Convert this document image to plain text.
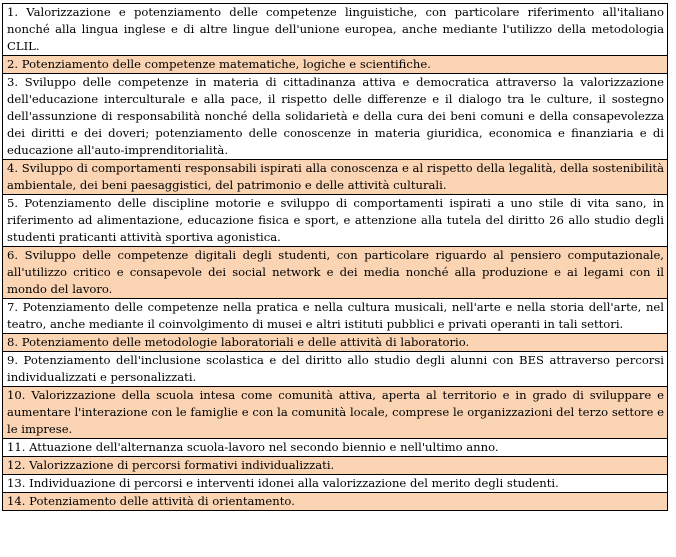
1. Valorizzazione e potenziamento delle competenze linguistiche, con particolare riferimento all'italiano nonché alla lingua inglese e di altre lingue dell'unione europea, anche mediante l'utilizzo della metodologia CLIL.
2. Potenziamento delle competenze matematiche, logiche e scientifiche.
3. Sviluppo delle competenze in materia di cittadinanza attiva e democratica attraverso la valorizzazione dell'educazione interculturale e alla pace, il rispetto delle differenze e il dialogo tra le culture, il sostegno dell'assunzione di responsabilità nonché della solidarietà e della cura dei beni comuni e della consapevolezza dei diritti e dei doveri; potenziamento delle conoscenze in materia giuridica, economica e finanziaria e di educazione all'auto-imprenditorialità.
4. Sviluppo di comportamenti responsabili ispirati alla conoscenza e al rispetto della legalità, della sostenibilità ambientale, dei beni paesaggistici, del patrimonio e delle attività culturali.
5. Potenziamento delle discipline motorie e sviluppo di comportamenti ispirati a uno stile di vita sano, in riferimento ad alimentazione, educazione fisica e sport, e attenzione alla tutela del diritto 26 allo studio degli studenti praticanti attività sportiva agonistica.
6. Sviluppo delle competenze digitali degli studenti, con particolare riguardo al pensiero computazionale, all'utilizzo critico e consapevole dei social network e dei media nonché alla produzione e ai legami con il mondo del lavoro.
7. Potenziamento delle competenze nella pratica e nella cultura musicali, nell'arte e nella storia dell'arte, nel teatro, anche mediante il coinvolgimento di musei e altri istituti pubblici e privati operanti in tali settori.
8. Potenziamento delle metodologie laboratoriali e delle attività di laboratorio.
9. Potenziamento dell'inclusione scolastica e del diritto allo studio degli alunni con BES attraverso percorsi individualizzati e personalizzati.
10. Valorizzazione della scuola intesa come comunità attiva, aperta al territorio e in grado di sviluppare e aumentare l'interazione con le famiglie e con la comunità locale, comprese le organizzazioni del terzo settore e le imprese.
11. Attuazione dell'alternanza scuola-lavoro nel secondo biennio e nell'ultimo anno.
12. Valorizzazione di percorsi formativi individualizzati.
13. Individuazione di percorsi e interventi idonei alla valorizzazione del merito degli studenti.
14. Potenziamento delle attività di orientamento.
